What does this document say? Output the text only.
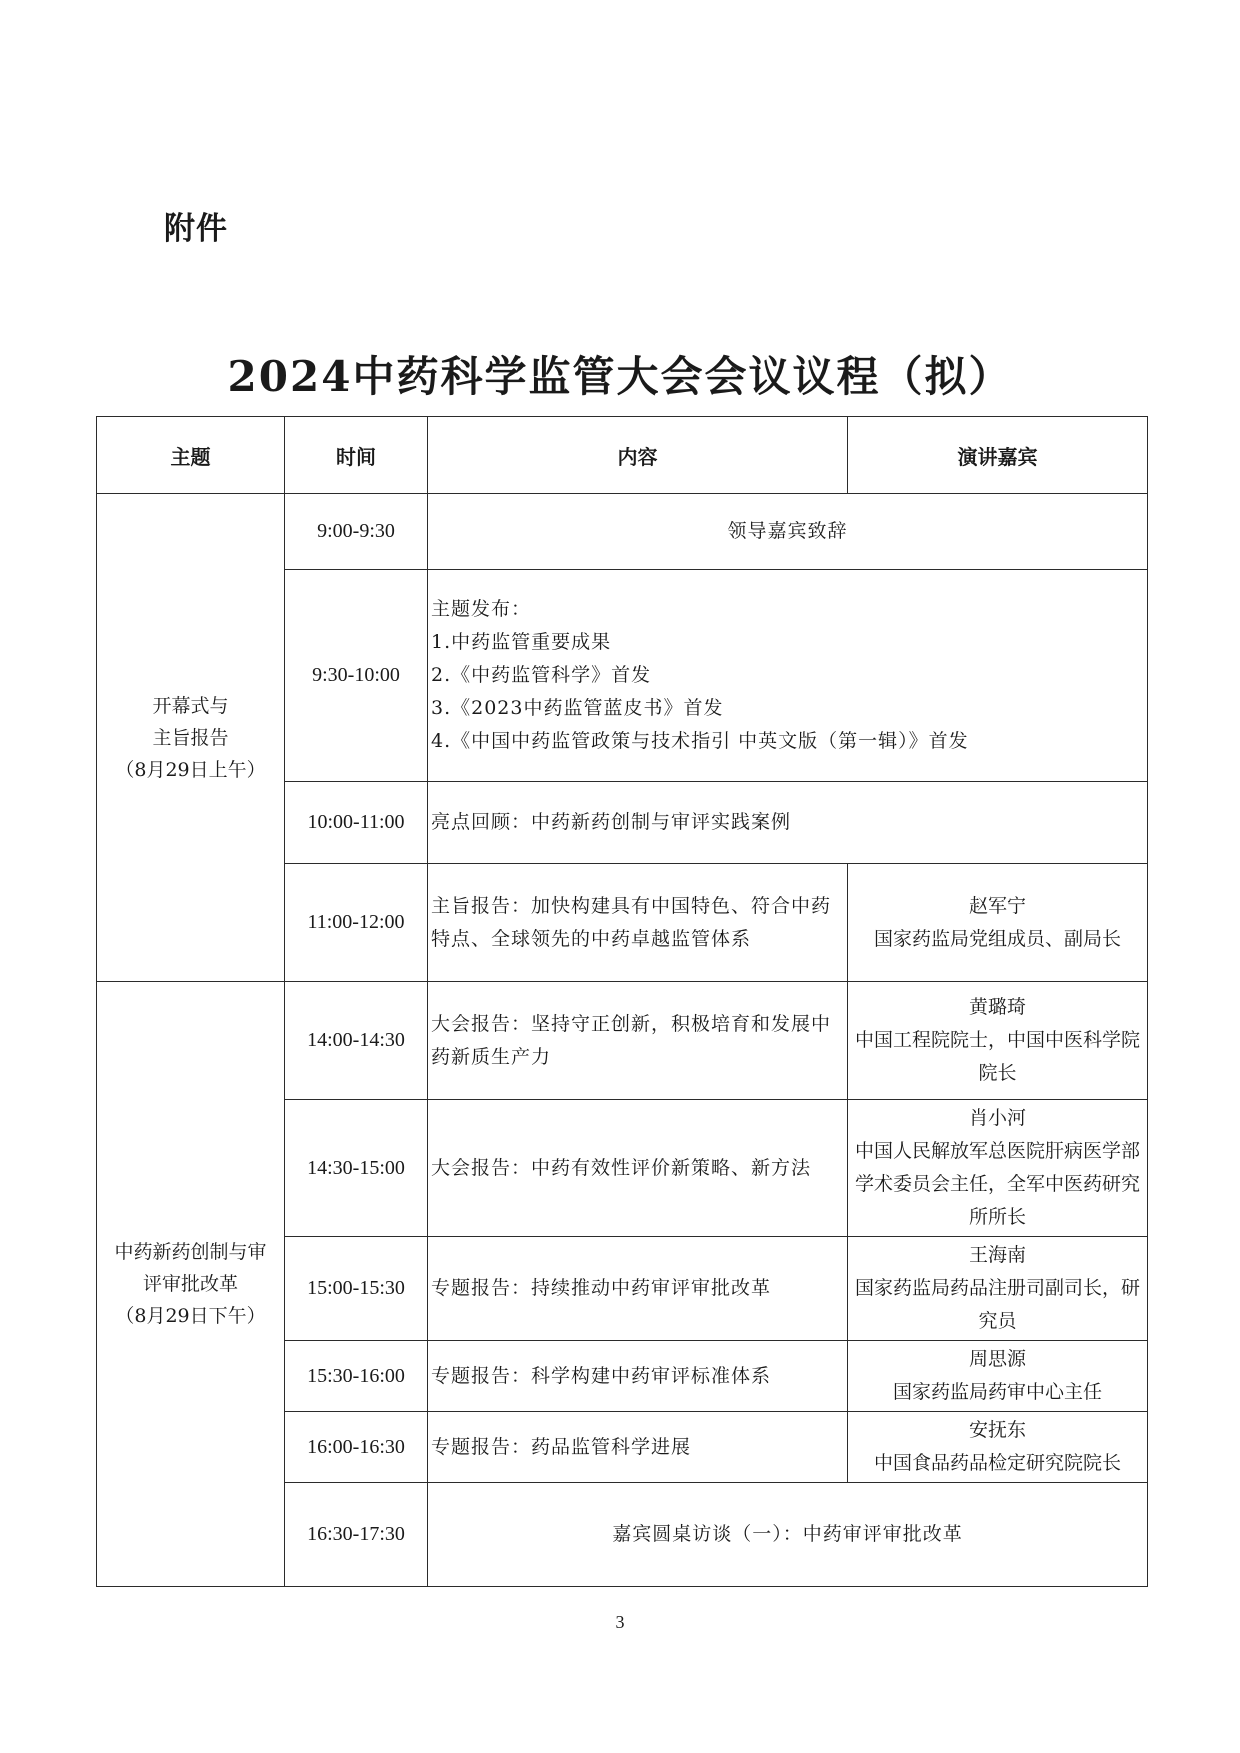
附件
2024中药科学监管大会会议议程（拟）
主题	时间	内容	演讲嘉宾

开幕式与
主旨报告
（8月29日上午）	9:00-9:30	领导嘉宾致辞	
	9:30-10:00	主题发布：
1.中药监管重要成果
2.《中药监管科学》首发
3.《2023中药监管蓝皮书》首发
4.《中国中药监管政策与技术指引 中英文版（第一辑）》首发	

	10:00-11:00	亮点回顾：中药新药创制与审评实践案例	
	11:00-12:00	主旨报告：加快构建具有中国特色、符合中药特点、全球领先的中药卓越监管体系	赵军宁
国家药监局党组成员、副局长

中药新药创制与审
评审批改革
（8月29日下午）	14:00-14:30	大会报告：坚持守正创新，积极培育和发展中药新质生产力	黄璐琦
中国工程院院士，中国中医科学院院长

	14:30-15:00	大会报告：中药有效性评价新策略、新方法	肖小河
中国人民解放军总医院肝病医学部学术委员会主任，全军中医药研究所所长

	15:00-15:30	专题报告：持续推动中药审评审批改革	王海南
国家药监局药品注册司副司长，研究员

	15:30-16:00	专题报告：科学构建中药审评标准体系	周思源
国家药监局药审中心主任

	16:00-16:30	专题报告：药品监管科学进展	安抚东
中国食品药品检定研究院院长

	16:30-17:30	嘉宾圆桌访谈（一）：中药审评审批改革	
3
